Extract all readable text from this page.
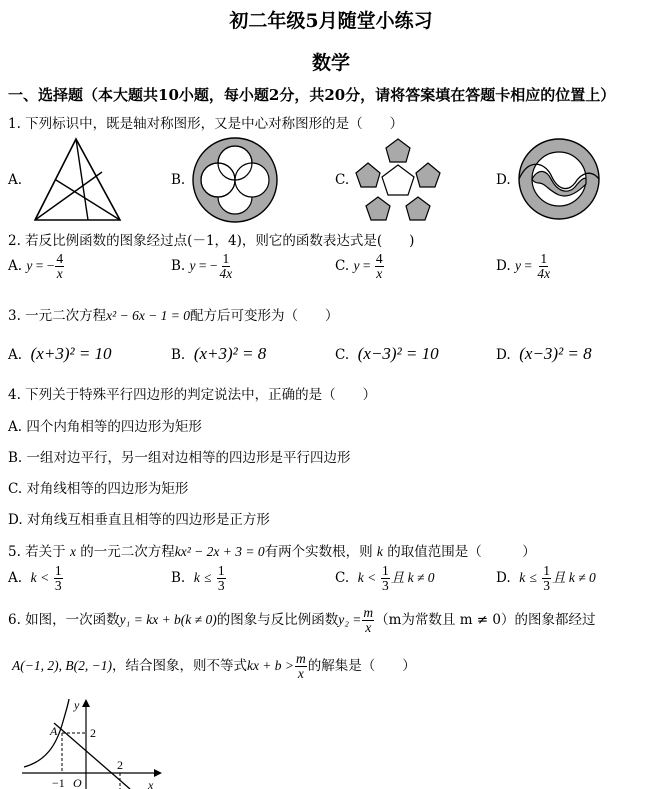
初二年级5月随堂小练习
数学
一、选择题（本大题共10小题，每小题2分，共20分，请将答案填在答题卡相应的位置上）
1. 下列标识中，既是轴对称图形，又是中心对称图形的是（　　）
A.	B.	C.	D.
2. 若反比例函数的图象经过点(－1，4)，则它的函数表达式是(　　)
A. y = − $\frac{4}{x}$	B. y = − $\frac{1}{4x}$	C. $y = \frac{4}{x}$	D. $y = \frac{1}{4x}$
3. 一元二次方程x² − 6x − 1 = 0配方后可变形为（　　）
A. (x+3)² = 10	B. (x+3)² = 8	C. (x−3)² = 10	D. (x−3)² = 8
4. 下列关于特殊平行四边形的判定说法中，正确的是（　　）
A. 四个内角相等的四边形为矩形
B. 一组对边平行，另一组对边相等的四边形是平行四边形
C. 对角线相等的四边形为矩形
D. 对角线互相垂直且相等的四边形是正方形
5. 若关于 x 的一元二次方程kx² − 2x + 3 = 0有两个实数根，则 k 的取值范围是（　　　）
A. $k < \frac{1}{3}$	B. $k \le \frac{1}{3}$	C. $k < \frac{1}{3}$ 且 k ≠ 0	D. $k \le \frac{1}{3}$ 且 k ≠ 0
6. 如图，一次函数y₁ = kx + b(k ≠ 0)的图象与反比例函数$y_2 = \frac{m}{x} (m$为常数且 m ≠ 0）的图象都经过
A(−1, 2), B(2, −1)，结合图象，则不等式kx + $b > \frac{m}{x}$ 的解集是（　　）
y
x
A	2
2
O
−1
